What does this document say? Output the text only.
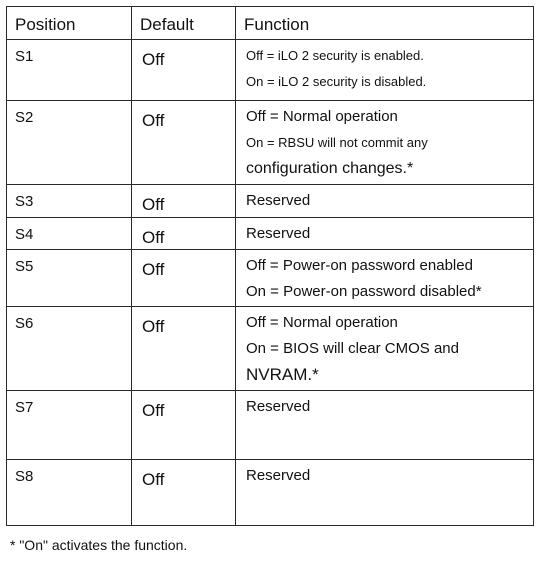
Position	Default	Function
S1	Off	Off = iLO 2 security is enabled.
On = iLO 2 security is disabled.

S2	Off	Off = Normal operation
On = RBSU will not commit any
configuration changes.*

S3	Off	Reserved

S4	Off	Reserved

S5	Off	Off = Power-on password enabled
On = Power-on password disabled*

S6	Off	Off = Normal operation
On = BIOS will clear CMOS and
NVRAM.*

S7	Off	Reserved

S8	Off	Reserved
* "On" activates the function.
